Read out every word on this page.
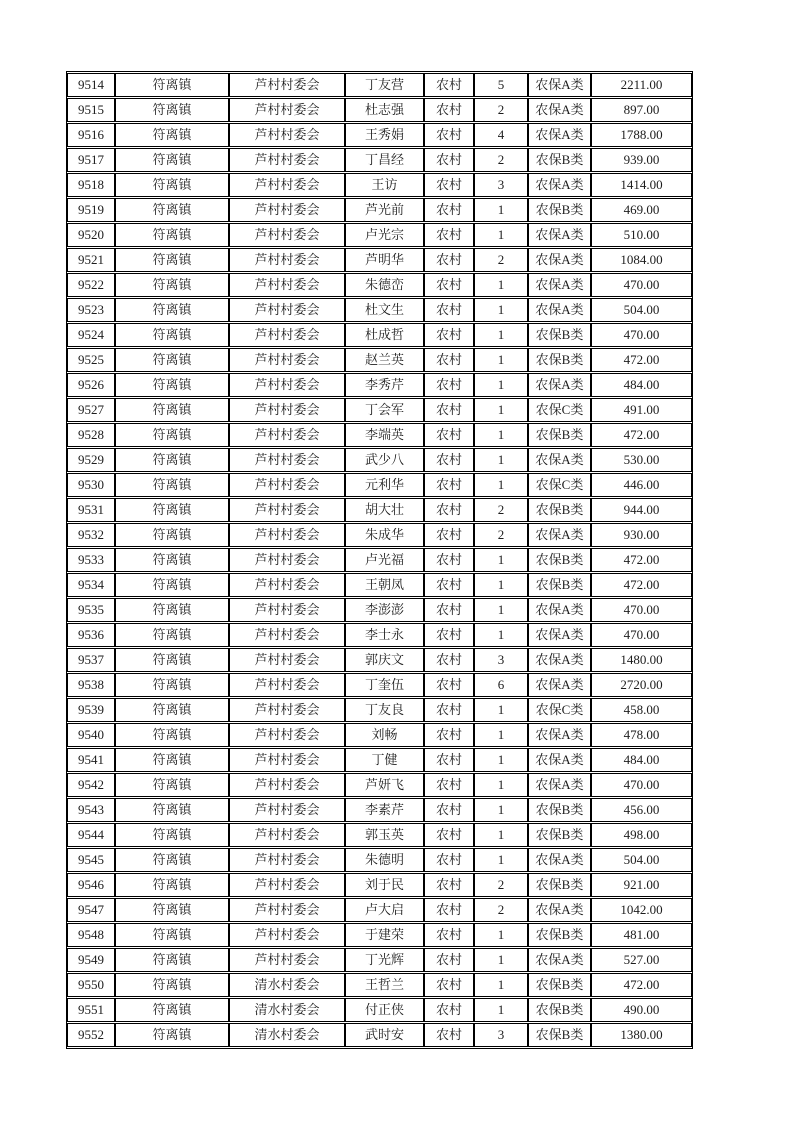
9514	符离镇	芦村村委会	丁友营	农村	5	农保A类	2211.00
9515	符离镇	芦村村委会	杜志强	农村	2	农保A类	897.00
9516	符离镇	芦村村委会	王秀娟	农村	4	农保A类	1788.00
9517	符离镇	芦村村委会	丁昌经	农村	2	农保B类	939.00
9518	符离镇	芦村村委会	王访	农村	3	农保A类	1414.00
9519	符离镇	芦村村委会	芦光前	农村	1	农保B类	469.00
9520	符离镇	芦村村委会	卢光宗	农村	1	农保A类	510.00
9521	符离镇	芦村村委会	芦明华	农村	2	农保A类	1084.00
9522	符离镇	芦村村委会	朱德峦	农村	1	农保A类	470.00
9523	符离镇	芦村村委会	杜文生	农村	1	农保A类	504.00
9524	符离镇	芦村村委会	杜成哲	农村	1	农保B类	470.00
9525	符离镇	芦村村委会	赵兰英	农村	1	农保B类	472.00
9526	符离镇	芦村村委会	李秀芹	农村	1	农保A类	484.00
9527	符离镇	芦村村委会	丁会军	农村	1	农保C类	491.00
9528	符离镇	芦村村委会	李端英	农村	1	农保B类	472.00
9529	符离镇	芦村村委会	武少八	农村	1	农保A类	530.00
9530	符离镇	芦村村委会	元利华	农村	1	农保C类	446.00
9531	符离镇	芦村村委会	胡大壮	农村	2	农保B类	944.00
9532	符离镇	芦村村委会	朱成华	农村	2	农保A类	930.00
9533	符离镇	芦村村委会	卢光福	农村	1	农保B类	472.00
9534	符离镇	芦村村委会	王朝凤	农村	1	农保B类	472.00
9535	符离镇	芦村村委会	李澎澎	农村	1	农保A类	470.00
9536	符离镇	芦村村委会	李士永	农村	1	农保A类	470.00
9537	符离镇	芦村村委会	郭庆文	农村	3	农保A类	1480.00
9538	符离镇	芦村村委会	丁奎伍	农村	6	农保A类	2720.00
9539	符离镇	芦村村委会	丁友良	农村	1	农保C类	458.00
9540	符离镇	芦村村委会	刘畅	农村	1	农保A类	478.00
9541	符离镇	芦村村委会	丁健	农村	1	农保A类	484.00
9542	符离镇	芦村村委会	芦妍飞	农村	1	农保A类	470.00
9543	符离镇	芦村村委会	李素芹	农村	1	农保B类	456.00
9544	符离镇	芦村村委会	郭玉英	农村	1	农保B类	498.00
9545	符离镇	芦村村委会	朱德明	农村	1	农保A类	504.00
9546	符离镇	芦村村委会	刘于民	农村	2	农保B类	921.00
9547	符离镇	芦村村委会	卢大启	农村	2	农保A类	1042.00
9548	符离镇	芦村村委会	于建荣	农村	1	农保B类	481.00
9549	符离镇	芦村村委会	丁光辉	农村	1	农保A类	527.00
9550	符离镇	清水村委会	王哲兰	农村	1	农保B类	472.00
9551	符离镇	清水村委会	付正侠	农村	1	农保B类	490.00
9552	符离镇	清水村委会	武时安	农村	3	农保B类	1380.00
